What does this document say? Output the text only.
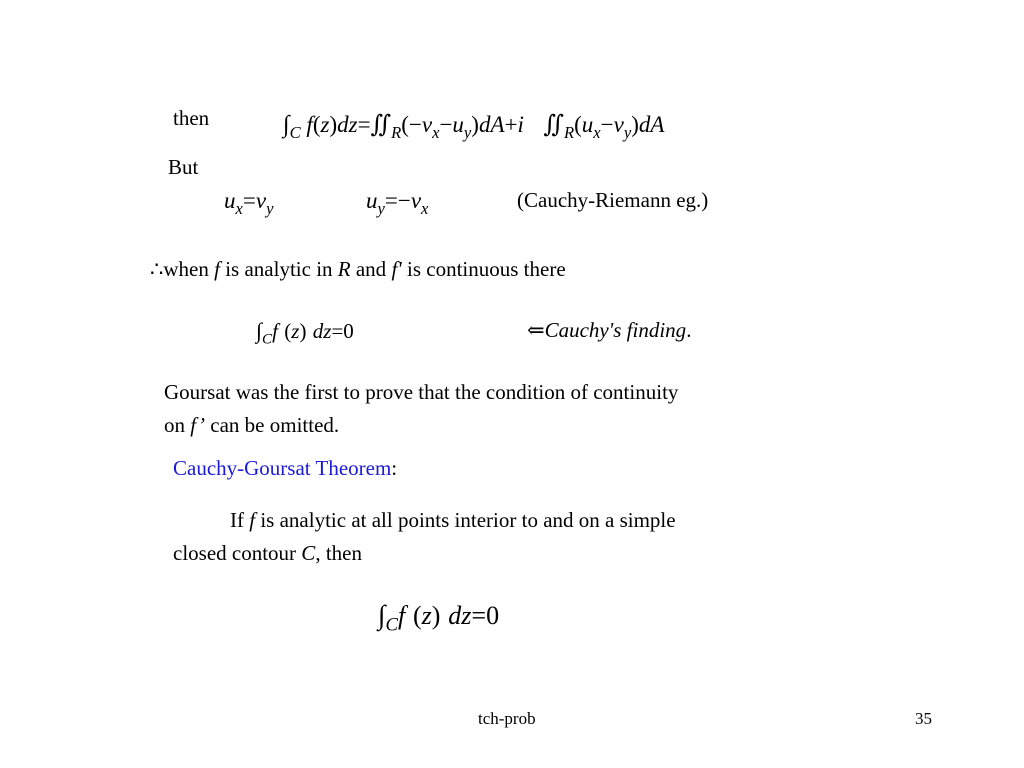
then	$\int_C$ $f(z)dz=∬_R(-v_x-u_y)dA+i$ $∬_R(u_x-v_y)dA$
But
$u_x=v_y$	$u_y=-v_x$	(Cauchy-Riemann eg.)
∴when f is analytic in R and f' is continuous there
$\int_Cf$ (z) dz=0	⇐Cauchy's finding.
Goursat was the first to prove that the condition of continuity
on f’ can be omitted.
Cauchy-Goursat Theorem:
If f is analytic at all points interior to and on a simple
closed contour C, then
$\int_Cf$ (z) dz=0
tch-prob	35
